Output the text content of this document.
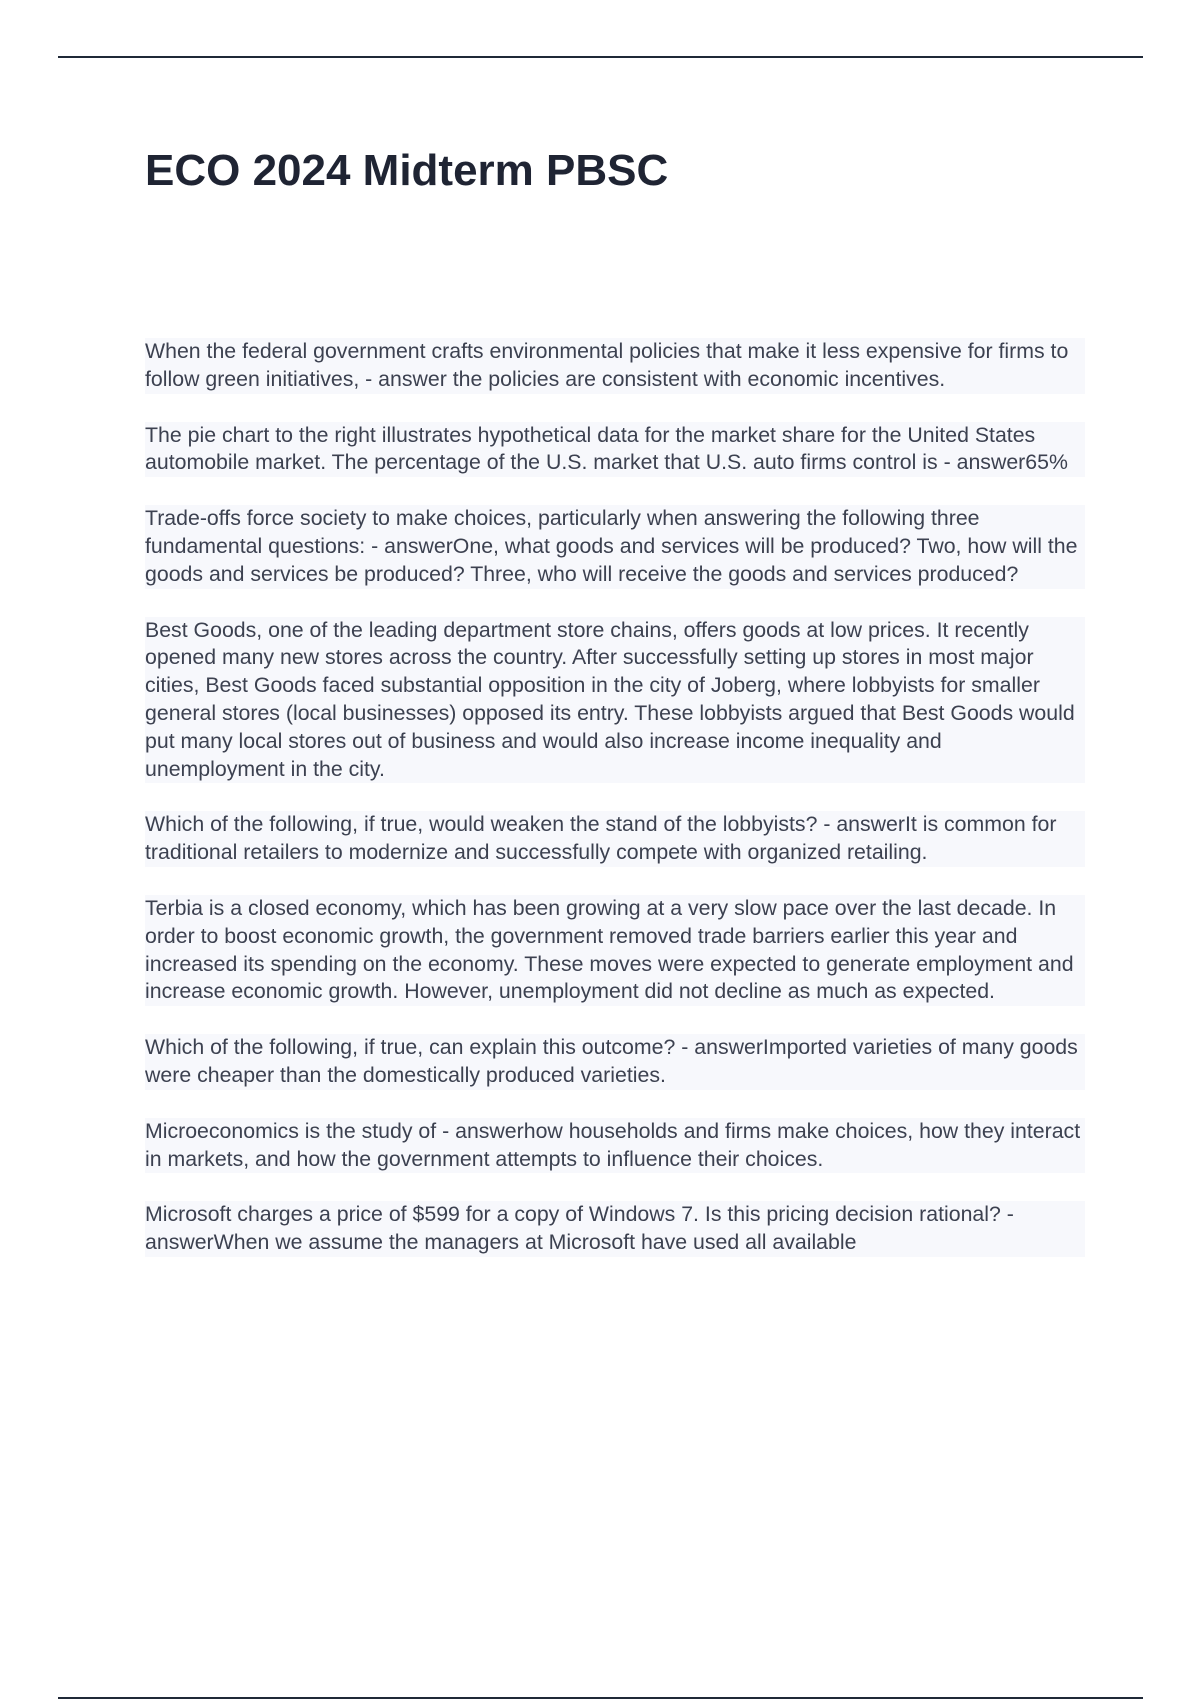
ECO 2024 Midterm PBSC

When the federal government crafts environmental policies that make it less expensive for firms to follow green initiatives, - answer the policies are consistent with economic incentives.

The pie chart to the right illustrates hypothetical data for the market share for the United States automobile market. The percentage of the U.S. market that U.S. auto firms control is - answer65%

Trade-offs force society to make choices, particularly when answering the following three fundamental questions: - answerOne, what goods and services will be produced? Two, how will the goods and services be produced? Three, who will receive the goods and services produced?

Best Goods, one of the leading department store chains, offers goods at low prices. It recently opened many new stores across the country. After successfully setting up stores in most major cities, Best Goods faced substantial opposition in the city of Joberg, where lobbyists for smaller general stores (local businesses) opposed its entry. These lobbyists argued that Best Goods would put many local stores out of business and would also increase income inequality and unemployment in the city.

Which of the following, if true, would weaken the stand of the lobbyists? - answerIt is common for traditional retailers to modernize and successfully compete with organized retailing.

Terbia is a closed economy, which has been growing at a very slow pace over the last decade. In order to boost economic growth, the government removed trade barriers earlier this year and increased its spending on the economy. These moves were expected to generate employment and increase economic growth. However, unemployment did not decline as much as expected.

Which of the following, if true, can explain this outcome? - answerImported varieties of many goods were cheaper than the domestically produced varieties.

Microeconomics is the study of - answerhow households and firms make choices, how they interact in markets, and how the government attempts to influence their choices.

Microsoft charges a price of $599 for a copy of Windows 7. Is this pricing decision rational? - answerWhen we assume the managers at Microsoft have used all available
